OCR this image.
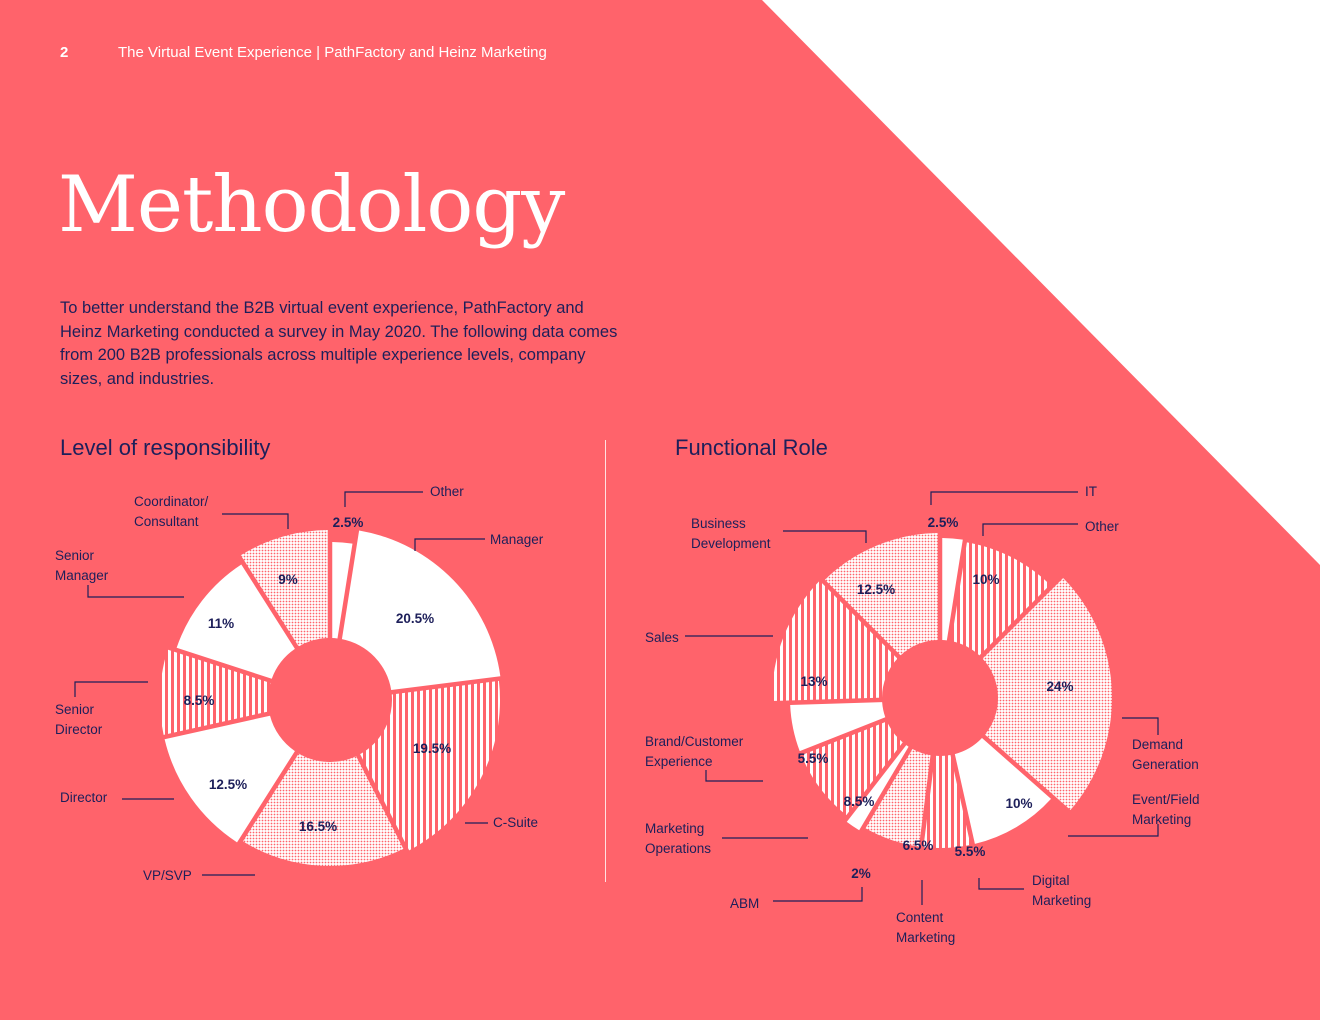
2	The Virtual Event Experience | PathFactory and Heinz Marketing
Methodology

To better understand the B2B virtual event experience, PathFactory and Heinz Marketing conducted a survey in May 2020. The following data comes from 200 B2B professionals across multiple experience levels, company sizes, and industries.

Level of responsibility	Functional Role
2.5%
20.5%
19.5%
16.5%
12.5%
8.5%
11%
9%
Other
Manager
C-Suite
VP/SVP
Director
Senior Director
Senior Manager
Coordinator/ Consultant	2.5%
10%
24%
10%
5.5%
6.5%
2%
8.5%
5.5%
13%
12.5%
IT
Other
Demand Generation
Event/Field Marketing
Digital Marketing
Content Marketing
ABM
Marketing Operations
Brand/Customer Experience
Sales
Business Development
